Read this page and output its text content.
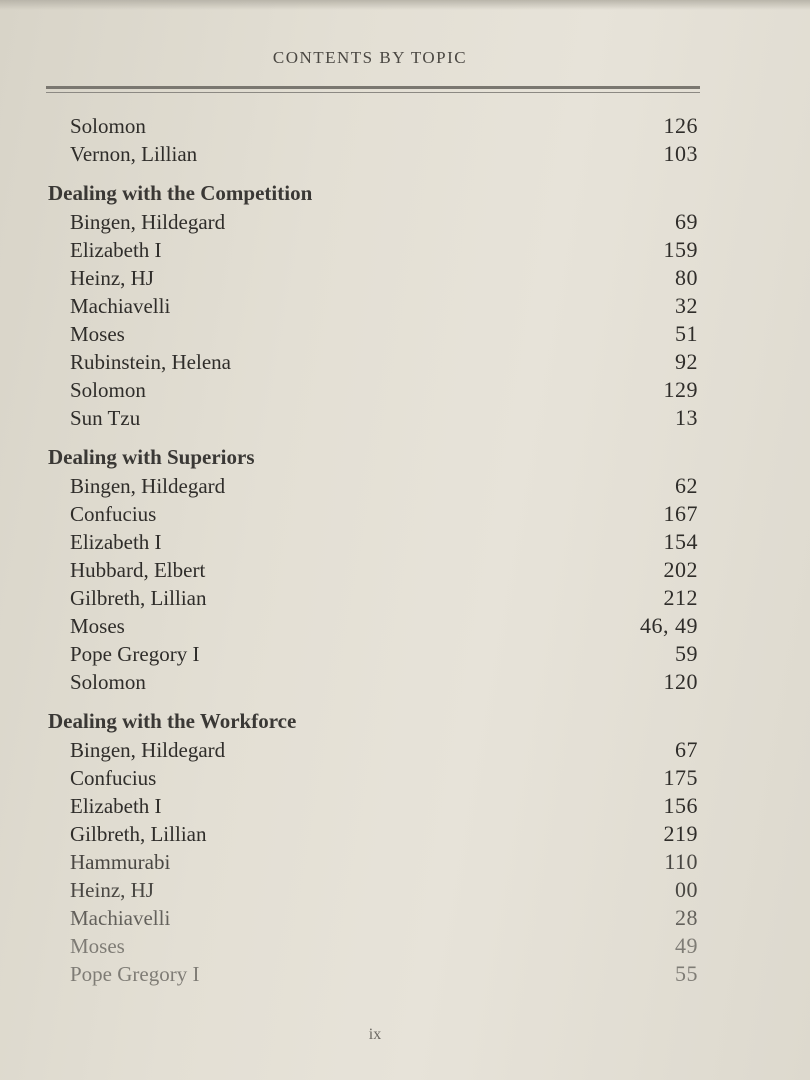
CONTENTS BY TOPIC
Solomon	126
Vernon, Lillian	103
Dealing with the Competition
Bingen, Hildegard	69
Elizabeth I	159
Heinz, HJ	80
Machiavelli	32
Moses	51
Rubinstein, Helena	92
Solomon	129
Sun Tzu	13
Dealing with Superiors
Bingen, Hildegard	62
Confucius	167
Elizabeth I	154
Hubbard, Elbert	202
Gilbreth, Lillian	212
Moses	46, 49
Pope Gregory I	59
Solomon	120
Dealing with the Workforce
Bingen, Hildegard	67
Confucius	175
Elizabeth I	156
Gilbreth, Lillian	219
Hammurabi	110
Heinz, HJ	00
Machiavelli	28
Moses	49
Pope Gregory I	55
ix
